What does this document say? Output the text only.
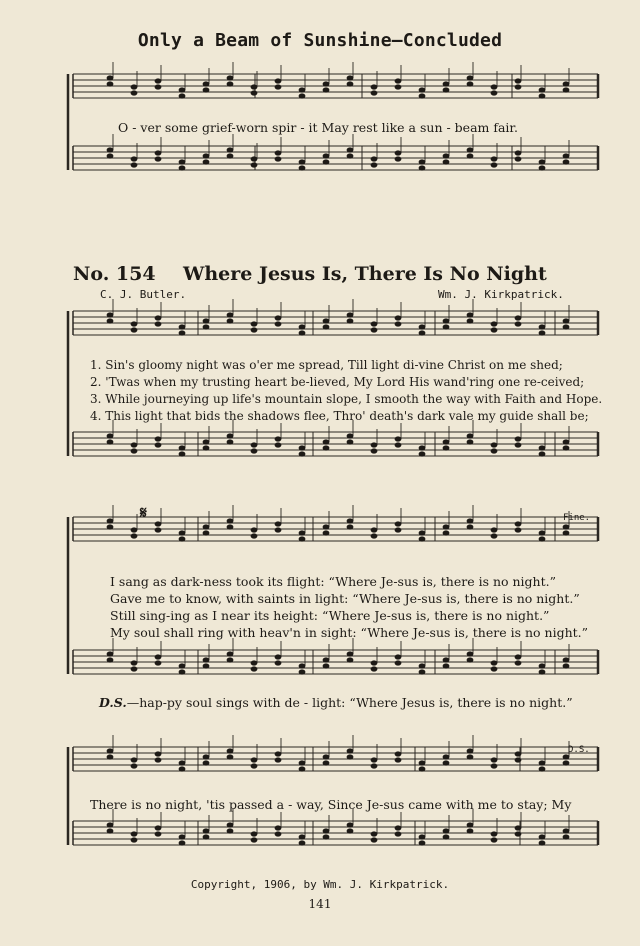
Only a Beam of Sunshine—Concluded
O - ver some grief-worn spir - it May rest like a sun - beam fair.
No. 154 Where Jesus Is, There Is No Night
C. J. Butler.	Wm. J. Kirkpatrick.
1. Sin's gloomy night was o'er me spread, Till light di-vine Christ on me shed;
2. 'Twas when my trusting heart be-lieved, My Lord His wand'ring one re-ceived;
3. While journeying up life's mountain slope, I smooth the way with Faith and Hope.
4. This light that bids the shadows flee, Thro' death's dark vale my guide shall be;
𝄋	Fine.
I sang as dark-ness took its flight: “Where Je-sus is, there is no night.”
Gave me to know, with saints in light: “Where Je-sus is, there is no night.”
Still sing-ing as I near its height: “Where Je-sus is, there is no night.”
My soul shall ring with heav'n in sight: “Where Je-sus is, there is no night.”
D.S.—hap-py soul sings with de - light: “Where Jesus is, there is no night.”
D.S.
There is no night, 'tis passed a - way, Since Je-sus came with me to stay; My
Copyright, 1906, by Wm. J. Kirkpatrick.
141
